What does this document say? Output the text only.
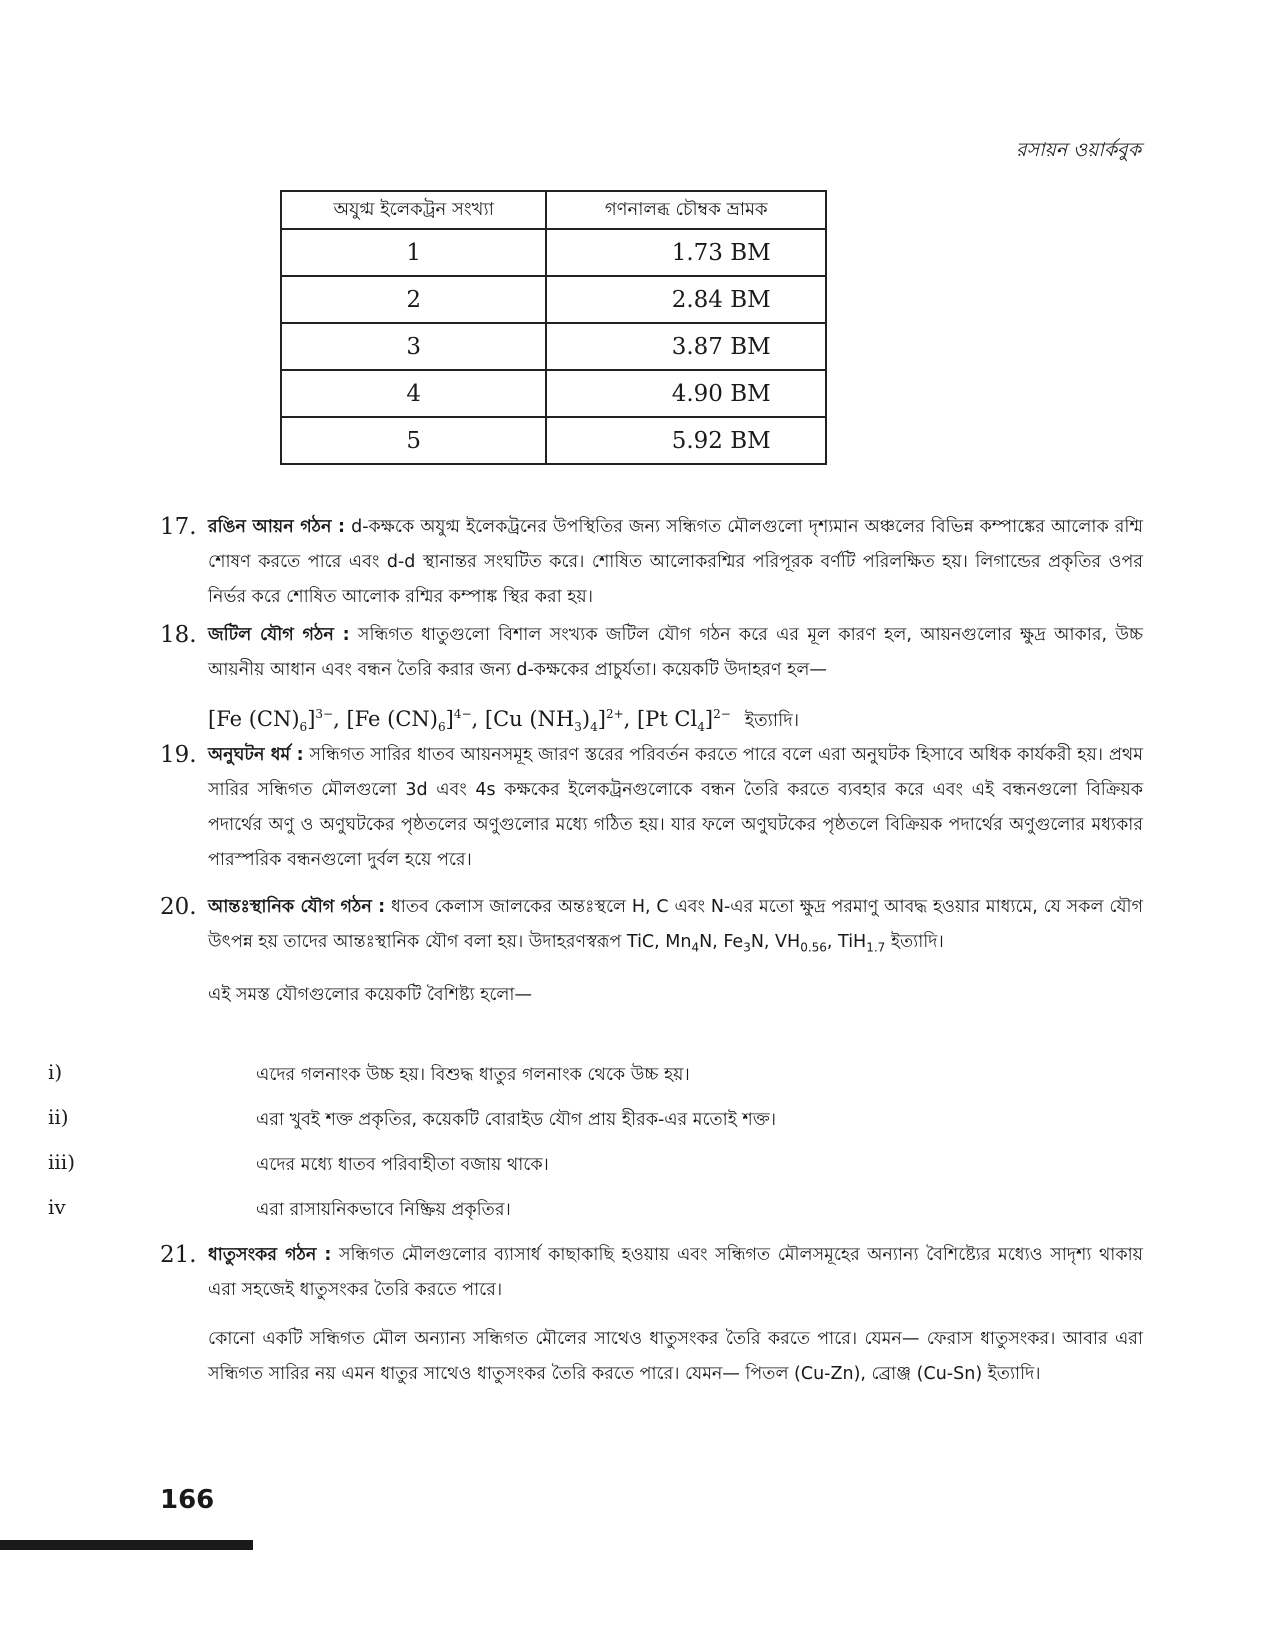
রসায়ন ওয়ার্কবুক
অযুগ্ম ইলেকট্রন সংখ্যা	গণনালব্ধ চৌম্বক ভ্রামক
1	1.73 BM
2	2.84 BM
3	3.87 BM
4	4.90 BM
5	5.92 BM
17. রঙিন আয়ন গঠন : d-কক্ষকে অযুগ্ম ইলেকট্রনের উপস্থিতির জন্য সন্ধিগত মৌলগুলো দৃশ্যমান অঞ্চলের বিভিন্ন কম্পাঙ্কের আলোক রশ্মি শোষণ করতে পারে এবং d-d স্থানান্তর সংঘটিত করে। শোষিত আলোকরশ্মির পরিপূরক বর্ণটি পরিলক্ষিত হয়। লিগান্ডের প্রকৃতির ওপর নির্ভর করে শোষিত আলোক রশ্মির কম্পাঙ্ক স্থির করা হয়।
18. জটিল যৌগ গঠন : সন্ধিগত ধাতুগুলো বিশাল সংখ্যক জটিল যৌগ গঠন করে এর মূল কারণ হল, আয়নগুলোর ক্ষুদ্র আকার, উচ্চ আয়নীয় আধান এবং বন্ধন তৈরি করার জন্য d-কক্ষকের প্রাচুর্যতা। কয়েকটি উদাহরণ হল—
[Fe $(CN)_6]^{3-}$, [Fe $(CN)_6]^{4-}$, [Cu $(NH_3)_4]^{2+}$, [Pt $Cl_4]^{2-}$ ইত্যাদি।
19. অনুঘটন ধর্ম : সন্ধিগত সারির ধাতব আয়নসমূহ জারণ স্তরের পরিবর্তন করতে পারে বলে এরা অনুঘটক হিসাবে অধিক কার্যকরী হয়। প্রথম সারির সন্ধিগত মৌলগুলো 3d এবং 4s কক্ষকের ইলেকট্রনগুলোকে বন্ধন তৈরি করতে ব্যবহার করে এবং এই বন্ধনগুলো বিক্রিয়ক পদার্থের অণু ও অণুঘটকের পৃষ্ঠতলের অণুগুলোর মধ্যে গঠিত হয়। যার ফলে অণুঘটকের পৃষ্ঠতলে বিক্রিয়ক পদার্থের অণুগুলোর মধ্যকার পারস্পরিক বন্ধনগুলো দুর্বল হয়ে পরে।
20. আন্তঃস্থানিক যৌগ গঠন : ধাতব কেলাস জালকের অন্তঃস্থলে H, C এবং N-এর মতো ক্ষুদ্র পরমাণু আবদ্ধ হওয়ার মাধ্যমে, যে সকল যৌগ উৎপন্ন হয় তাদের আন্তঃস্থানিক যৌগ বলা হয়। উদাহরণস্বরূপ TiC, $Mn_4N$, $Fe_3N$, $VH_{0.56}$, TiH$_{1.7}$ ইত্যাদি।
এই সমস্ত যৌগগুলোর কয়েকটি বৈশিষ্ট্য হলো—
i)	এদের গলনাংক উচ্চ হয়। বিশুদ্ধ ধাতুর গলনাংক থেকে উচ্চ হয়।
ii)	এরা খুবই শক্ত প্রকৃতির, কয়েকটি বোরাইড যৌগ প্রায় হীরক-এর মতোই শক্ত।
iii)	এদের মধ্যে ধাতব পরিবাহীতা বজায় থাকে।
iv	এরা রাসায়নিকভাবে নিষ্ক্রিয় প্রকৃতির।
21. ধাতুসংকর গঠন : সন্ধিগত মৌলগুলোর ব্যাসার্ধ কাছাকাছি হওয়ায় এবং সন্ধিগত মৌলসমূহের অন্যান্য বৈশিষ্ট্যের মধ্যেও সাদৃশ্য থাকায় এরা সহজেই ধাতুসংকর তৈরি করতে পারে।
কোনো একটি সন্ধিগত মৌল অন্যান্য সন্ধিগত মৌলের সাথেও ধাতুসংকর তৈরি করতে পারে। যেমন— ফেরাস ধাতুসংকর। আবার এরা সন্ধিগত সারির নয় এমন ধাতুর সাথেও ধাতুসংকর তৈরি করতে পারে। যেমন— পিতল (Cu-Zn), ব্রোঞ্জ (Cu-Sn) ইত্যাদি।
166
